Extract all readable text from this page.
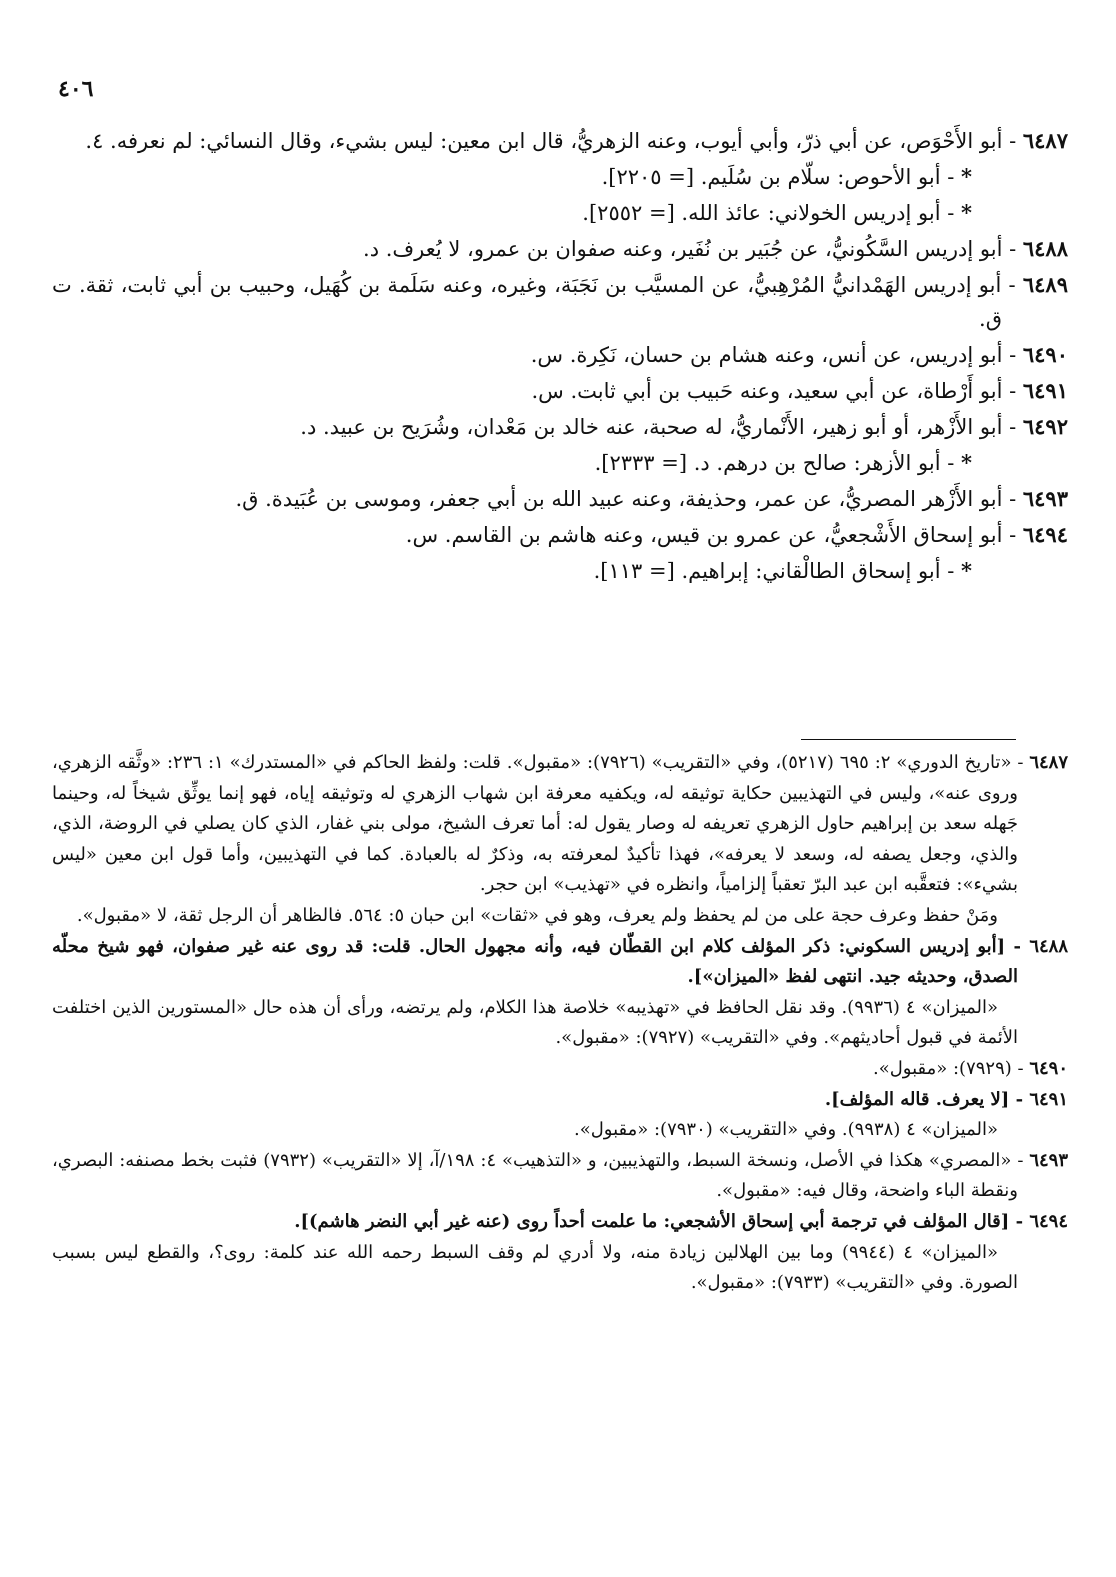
٤٠٦

٦٤٨٧ - أبو الأَحْوَص، عن أبي ذرّ، وأبي أيوب، وعنه الزهريُّ، قال ابن معين: ليس بشيء، وقال النسائي: لم نعرفه. ٤.

* - أبو الأحوص: سلّام بن سُلَيم. [= ٢٢٠٥].

* - أبو إدريس الخولاني: عائذ الله. [= ٢٥٥٢].

٦٤٨٨ - أبو إدريس السَّكُونيُّ، عن جُبَير بن نُفَير، وعنه صفوان بن عمرو، لا يُعرف. د.

٦٤٨٩ - أبو إدريس الهَمْدانيُّ المُرْهِبيُّ، عن المسيَّب بن نَجَبَة، وغيره، وعنه سَلَمة بن كُهَيل، وحبيب بن أبي ثابت، ثقة. ت ق.

٦٤٩٠ - أبو إدريس، عن أنس، وعنه هشام بن حسان، نَكِرة. س.

٦٤٩١ - أبو أَرْطاة، عن أبي سعيد، وعنه حَبيب بن أبي ثابت. س.

٦٤٩٢ - أبو الأَزْهر، أو أبو زهير، الأَنْماريُّ، له صحبة، عنه خالد بن مَعْدان، وشُرَيح بن عبيد. د.

* - أبو الأزهر: صالح بن درهم. د. [= ٢٣٣٣].

٦٤٩٣ - أبو الأَزْهر المصريُّ، عن عمر، وحذيفة، وعنه عبيد الله بن أبي جعفر، وموسى بن عُبَيدة. ق.

٦٤٩٤ - أبو إسحاق الأَشْجعيُّ، عن عمرو بن قيس، وعنه هاشم بن القاسم. س.

* - أبو إسحاق الطالْقاني: إبراهيم. [= ١١٣].

٦٤٨٧ - «تاريخ الدوري» ٢: ٦٩٥ (٥٢١٧)، وفي «التقريب» (٧٩٢٦): «مقبول». قلت: ولفظ الحاكم في «المستدرك» ١: ٢٣٦: «وثَّقه الزهري، وروى عنه»، وليس في التهذيبين حكاية توثيقه له، ويكفيه معرفة ابن شهاب الزهري له وتوثيقه إياه، فهو إنما يوثِّق شيخاً له، وحينما جَهله سعد بن إبراهيم حاول الزهري تعريفه له وصار يقول له: أما تعرف الشيخ، مولى بني غفار، الذي كان يصلي في الروضة، الذي، والذي، وجعل يصفه له، وسعد لا يعرفه»، فهذا تأكيدٌ لمعرفته به، وذكرٌ له بالعبادة. كما في التهذيبين، وأما قول ابن معين «ليس بشيء»: فتعقَّبه ابن عبد البرّ تعقباً إلزامياً، وانظره في «تهذيب» ابن حجر.

ومَنْ حفظ وعرف حجة على من لم يحفظ ولم يعرف، وهو في «ثقات» ابن حبان ٥: ٥٦٤. فالظاهر أن الرجل ثقة، لا «مقبول».

٦٤٨٨ - [أبو إدريس السكوني: ذكر المؤلف كلام ابن القطّان فيه، وأنه مجهول الحال. قلت: قد روى عنه غير صفوان، فهو شيخ محلّه الصدق، وحديثه جيد. انتهى لفظ «الميزان»].

«الميزان» ٤ (٩٩٣٦). وقد نقل الحافظ في «تهذيبه» خلاصة هذا الكلام، ولم يرتضه، ورأى أن هذه حال «المستورين الذين اختلفت الأئمة في قبول أحاديثهم». وفي «التقريب» (٧٩٢٧): «مقبول».

٦٤٩٠ - (٧٩٢٩): «مقبول».

٦٤٩١ - [لا يعرف. قاله المؤلف].

«الميزان» ٤ (٩٩٣٨). وفي «التقريب» (٧٩٣٠): «مقبول».

٦٤٩٣ - «المصري» هكذا في الأصل، ونسخة السبط، والتهذيبين، و «التذهيب» ٤: ١٩٨/آ، إلا «التقريب» (٧٩٣٢) فثبت بخط مصنفه: البصري، ونقطة الباء واضحة، وقال فيه: «مقبول».

٦٤٩٤ - [قال المؤلف في ترجمة أبي إسحاق الأشجعي: ما علمت أحداً روى (عنه غير أبي النضر هاشم)].

«الميزان» ٤ (٩٩٤٤) وما بين الهلالين زيادة منه، ولا أدري لم وقف السبط رحمه الله عند كلمة: روى؟، والقطع ليس بسبب الصورة. وفي «التقريب» (٧٩٣٣): «مقبول».
